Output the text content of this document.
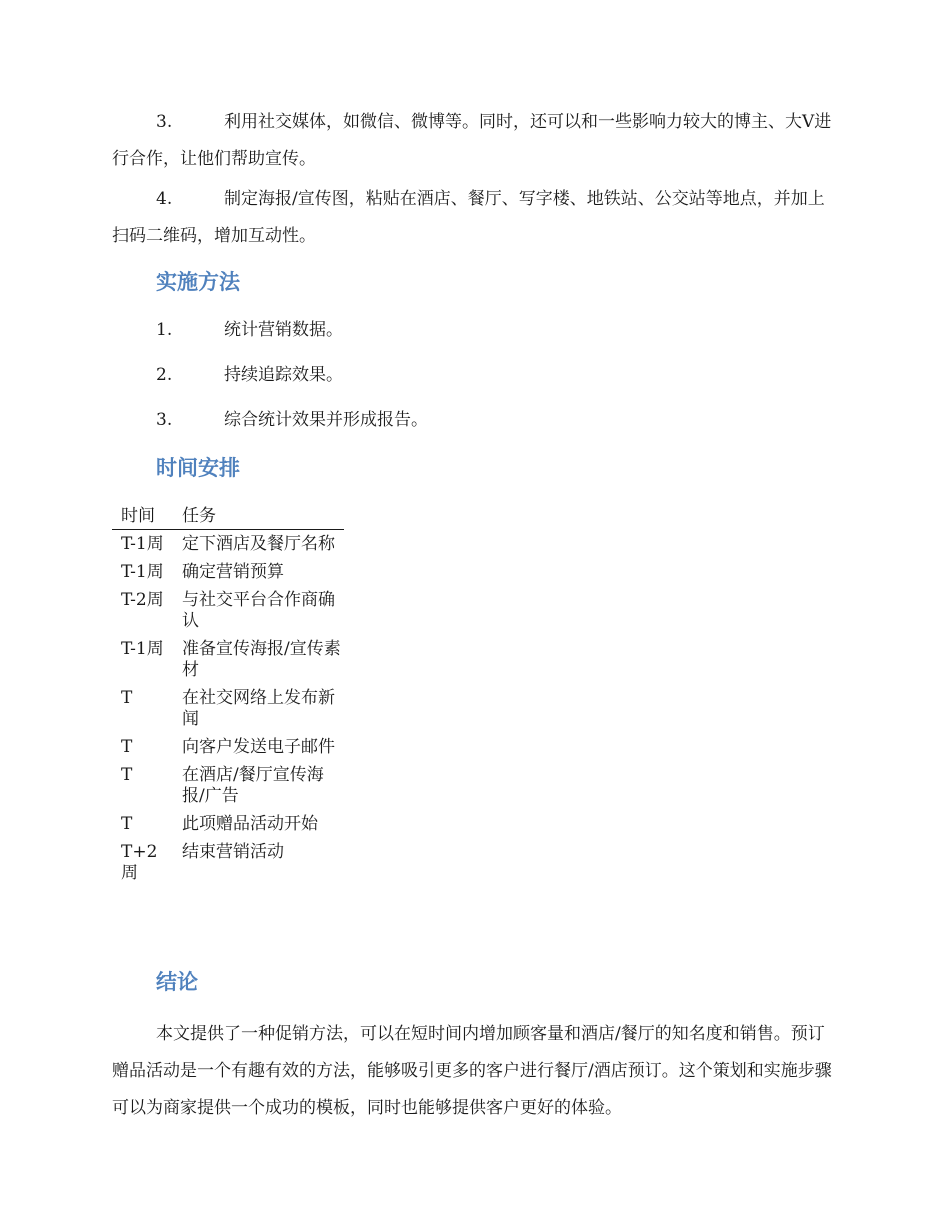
3.	利用社交媒体，如微信、微博等。同时，还可以和一些影响力较大的博主、大V进行合作，让他们帮助宣传。

4.	制定海报/宣传图，粘贴在酒店、餐厅、写字楼、地铁站、公交站等地点，并加上扫码二维码，增加互动性。

实施方法

1.	统计营销数据。

2.	持续追踪效果。

3.	综合统计效果并形成报告。

时间安排
时间	任务
T-1周	定下酒店及餐厅名称
T-1周	确定营销预算
T-2周	与社交平台合作商确认
T-1周	准备宣传海报/宣传素材
T	在社交网络上发布新闻
T	向客户发送电子邮件
T	在酒店/餐厅宣传海报/广告
T	此项赠品活动开始
T+2周	结束营销活动
结论

本文提供了一种促销方法，可以在短时间内增加顾客量和酒店/餐厅的知名度和销售。预订赠品活动是一个有趣有效的方法，能够吸引更多的客户进行餐厅/酒店预订。这个策划和实施步骤可以为商家提供一个成功的模板，同时也能够提供客户更好的体验。
